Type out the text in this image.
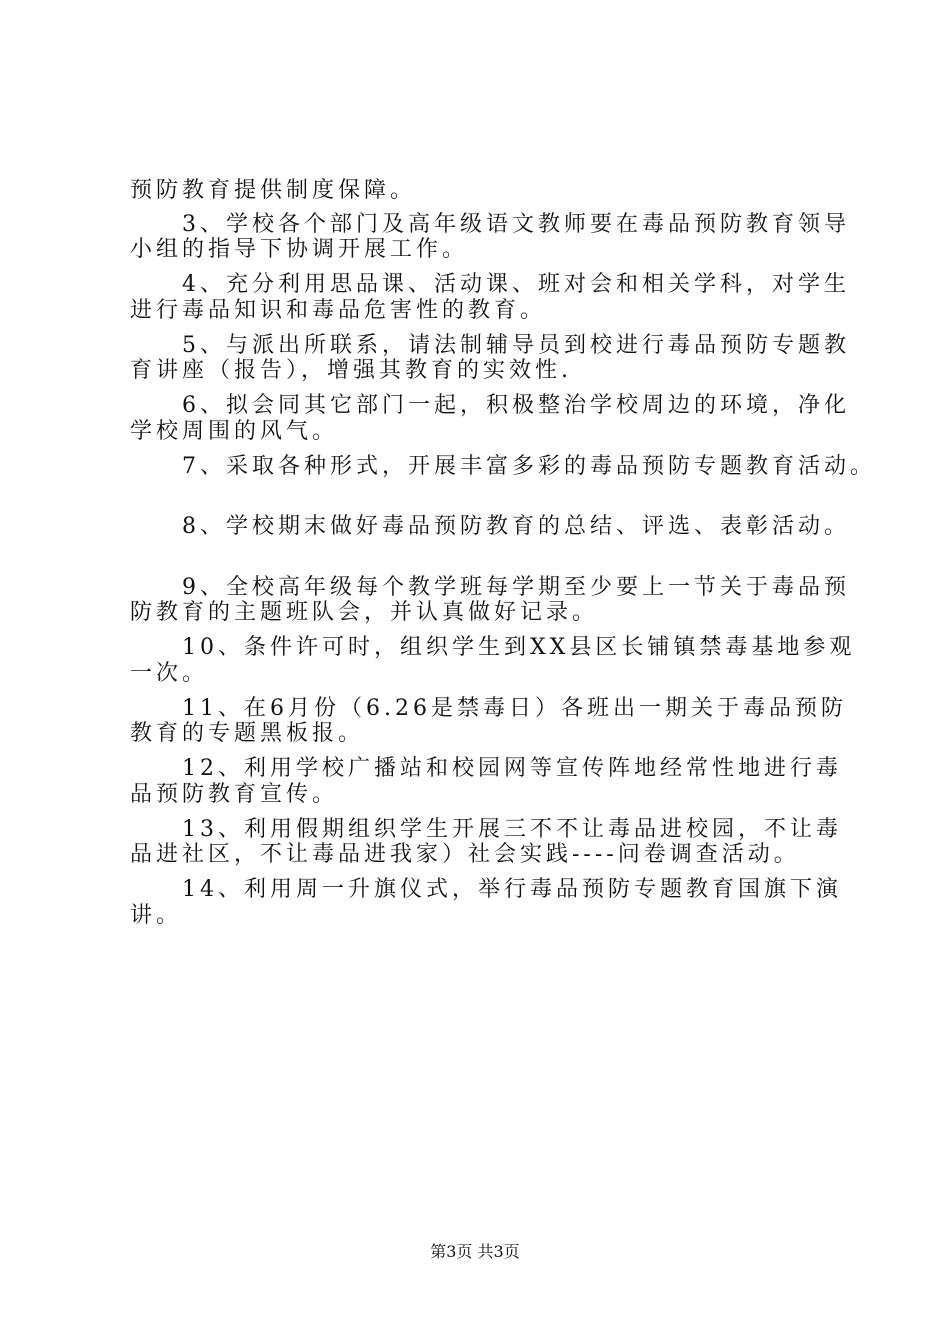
预防教育提供制度保障。
　　3、学校各个部门及高年级语文教师要在毒品预防教育领导
小组的指导下协调开展工作。
　　4、充分利用思品课、活动课、班对会和相关学科，对学生
进行毒品知识和毒品危害性的教育。
　　5、与派出所联系，请法制辅导员到校进行毒品预防专题教
育讲座（报告），增强其教育的实效性.
　　6、拟会同其它部门一起，积极整治学校周边的环境，净化
学校周围的风气。
　　7、采取各种形式，开展丰富多彩的毒品预防专题教育活动。
　　8、学校期末做好毒品预防教育的总结、评选、表彰活动。
　　9、全校高年级每个教学班每学期至少要上一节关于毒品预
防教育的主题班队会，并认真做好记录。
　　10、条件许可时，组织学生到XX县区长铺镇禁毒基地参观
一次。
　　11、在6月份（6.26是禁毒日）各班出一期关于毒品预防
教育的专题黑板报。
　　12、利用学校广播站和校园网等宣传阵地经常性地进行毒
品预防教育宣传。
　　13、利用假期组织学生开展三不不让毒品进校园，不让毒
品进社区，不让毒品进我家）社会实践----问卷调查活动。
　　14、利用周一升旗仪式，举行毒品预防专题教育国旗下演
讲。
第3页 共3页
